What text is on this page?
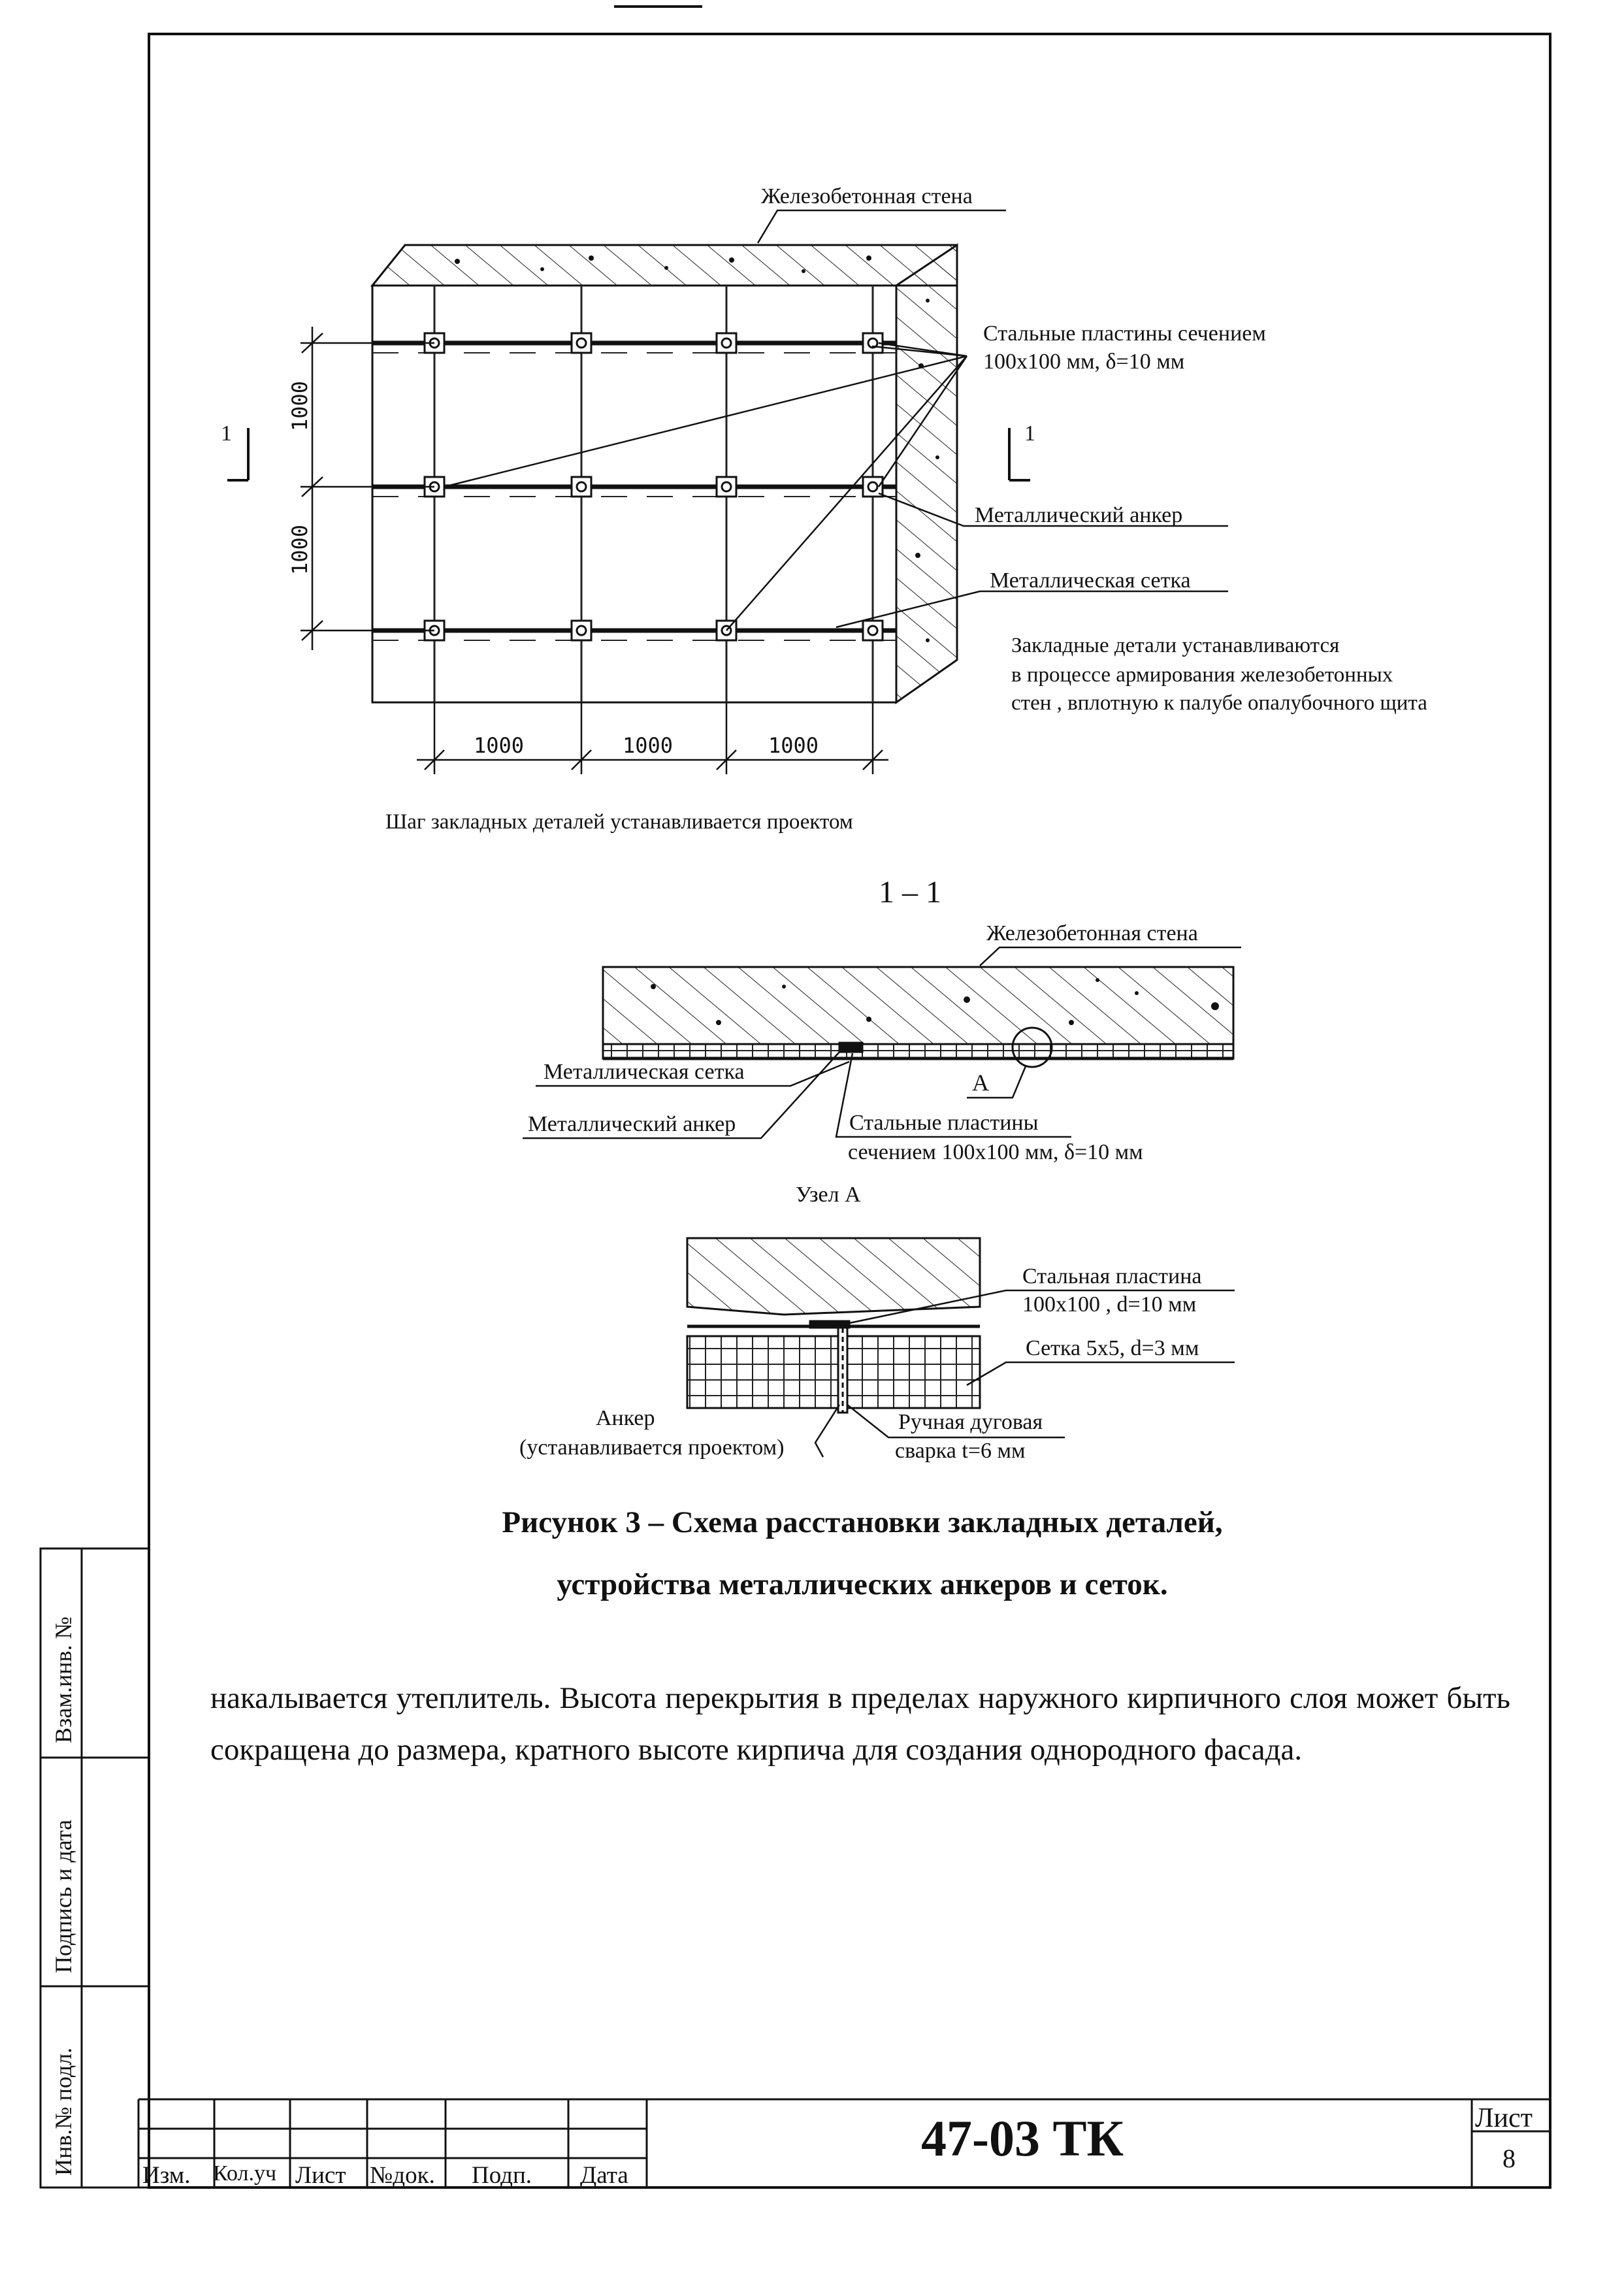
Железобетонная стена
Стальные пластины сечением
100х100 мм, δ=10 мм
Металлический анкер
Металлическая сетка
Закладные детали устанавливаются
в процессе армирования железобетонных
стен , вплотную к палубе опалубочного щита
1000
1000
1000	1000	1000
1	1
Шаг закладных деталей устанавливается проектом
1 – 1
Железобетонная стена
Металлическая сетка
Металлический анкер	Стальные пластины
сечением 100х100 мм, δ=10 мм
А
Узел А
Стальная пластина
100х100 , d=10 мм
Сетка 5х5, d=3 мм
Анкер
(устанавливается проектом)
Ручная дуговая
сварка t=6 мм
Рисунок 3 – Схема расстановки закладных деталей,
устройства металлических анкеров и сеток.
накалывается утеплитель. Высота перекрытия в пределах наружного кирпичного слоя может быть сокращена до размера, кратного высоте кирпича для создания однородного фасада.
Взам.инв. №
Подпись и дата
Инв.№ подл.	Изм. Кол.уч Лист №док. Подп. Дата
47-03 ТК	Лист
8
